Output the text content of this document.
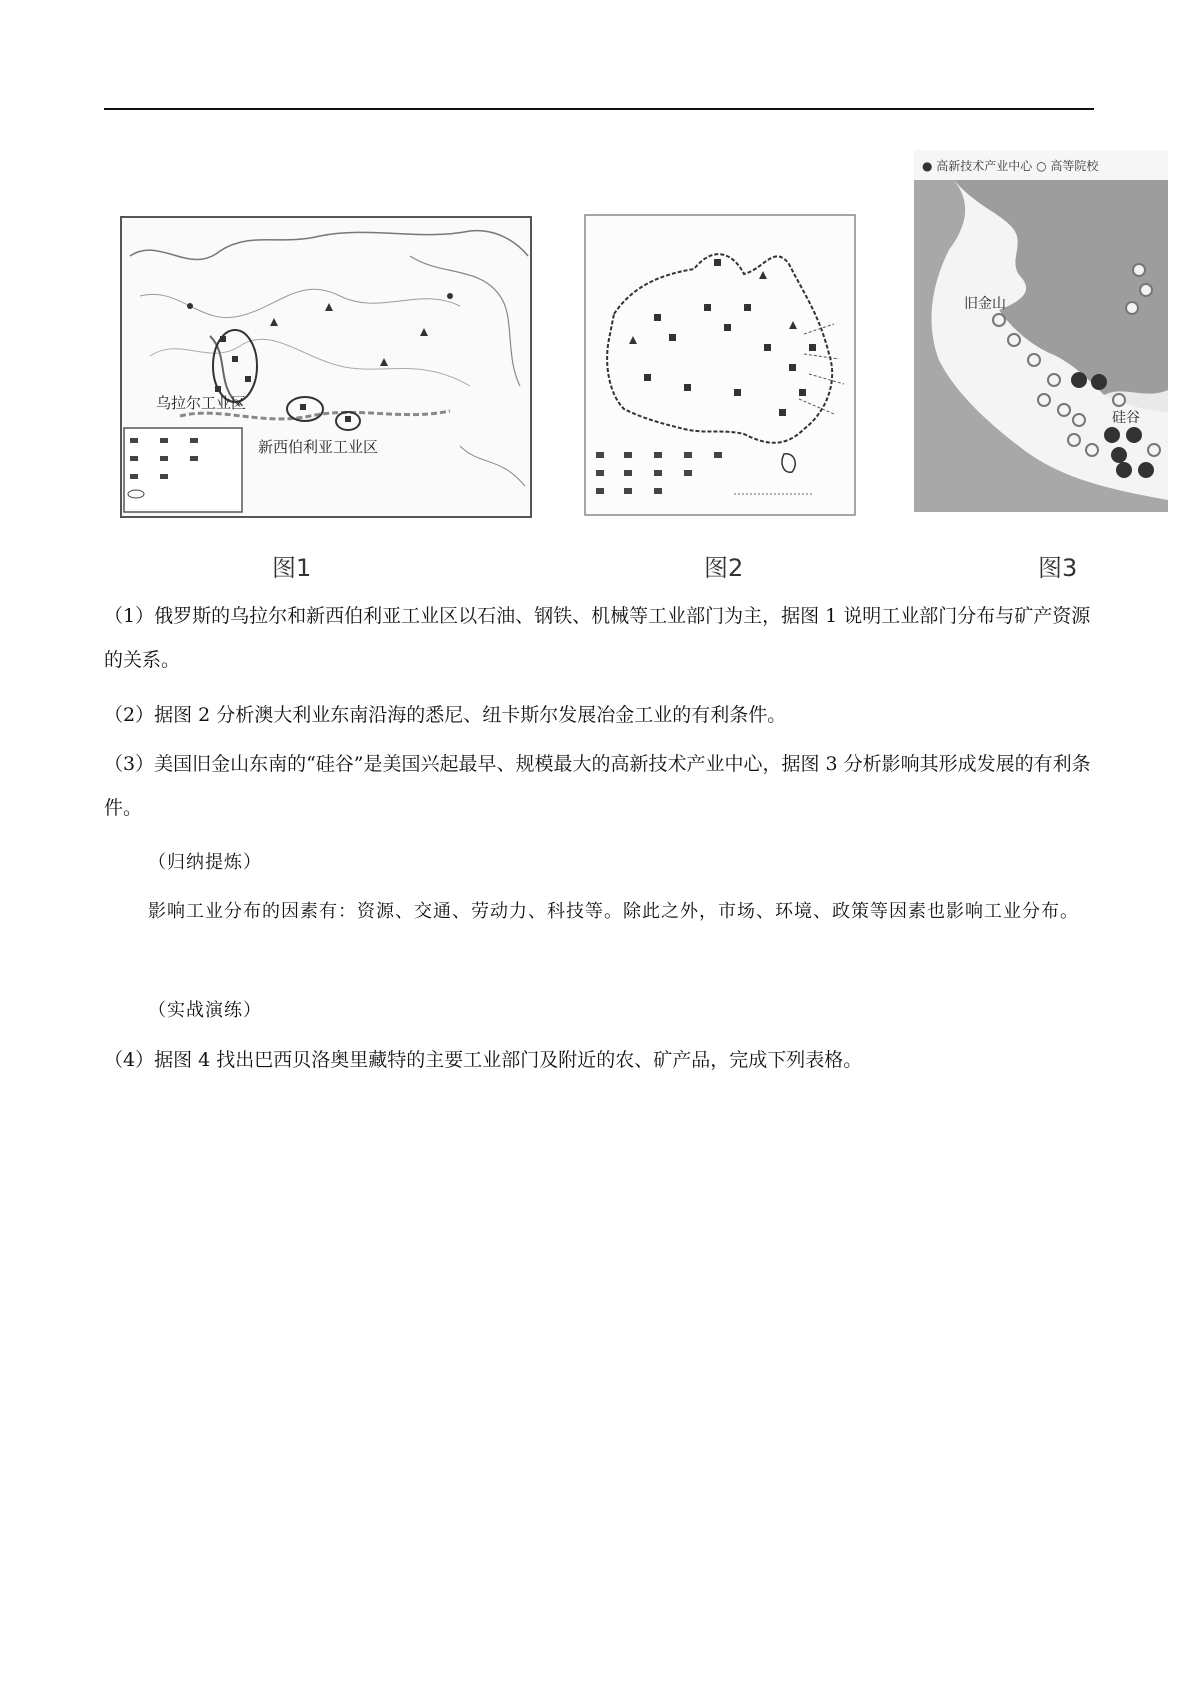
乌拉尔工业区
新西伯利亚工业区
图1	图2
● 高新技术产业中心 ○ 高等院校
旧金山
硅谷
图3

（1）俄罗斯的乌拉尔和新西伯利亚工业区以石油、钢铁、机械等工业部门为主，据图 1 说明工业部门分布与矿产资源的关系。

（2）据图 2 分析澳大利业东南沿海的悉尼、纽卡斯尔发展冶金工业的有利条件。

（3）美国旧金山东南的“硅谷”是美国兴起最早、规模最大的高新技术产业中心，据图 3 分析影响其形成发展的有利条件。

（归纳提炼）

影响工业分布的因素有：资源、交通、劳动力、科技等。除此之外，市场、环境、政策等因素也影响工业分布。

（实战演练）

（4）据图 4 找出巴西贝洛奥里藏特的主要工业部门及附近的农、矿产品，完成下列表格。
